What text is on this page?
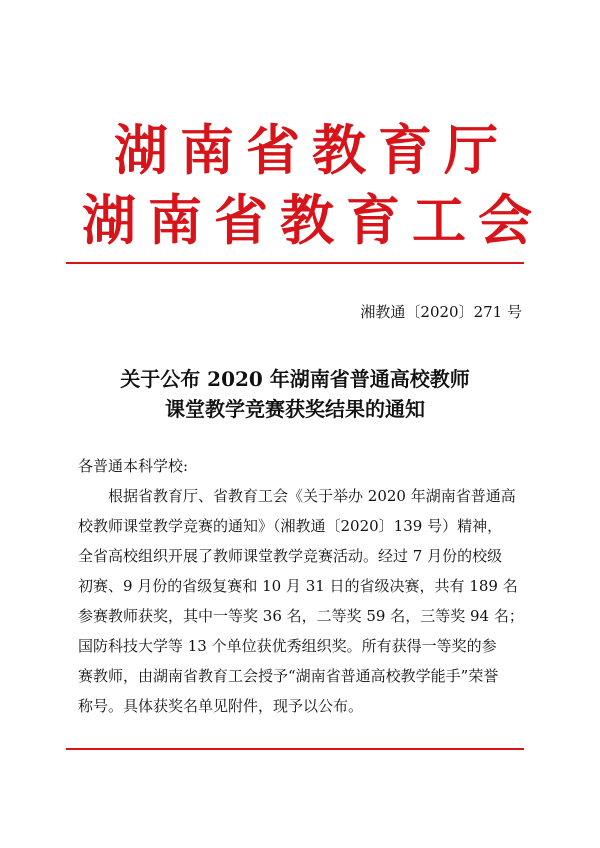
湖南省教育厅
湖南省教育工会
湘教通〔2020〕271 号
关于公布 2020 年湖南省普通高校教师
课堂教学竞赛获奖结果的通知
各普通本科学校:
根据省教育厅、省教育工会《关于举办 2020 年湖南省普通高
校教师课堂教学竞赛的通知》（湘教通〔2020〕139 号）精神，
全省高校组织开展了教师课堂教学竞赛活动。经过 7 月份的校级
初赛、9 月份的省级复赛和 10 月 31 日的省级决赛，共有 189 名
参赛教师获奖，其中一等奖 36 名，二等奖 59 名，三等奖 94 名；
国防科技大学等 13 个单位获优秀组织奖。所有获得一等奖的参
赛教师，由湖南省教育工会授予“湖南省普通高校教学能手”荣誉
称号。具体获奖名单见附件，现予以公布。
